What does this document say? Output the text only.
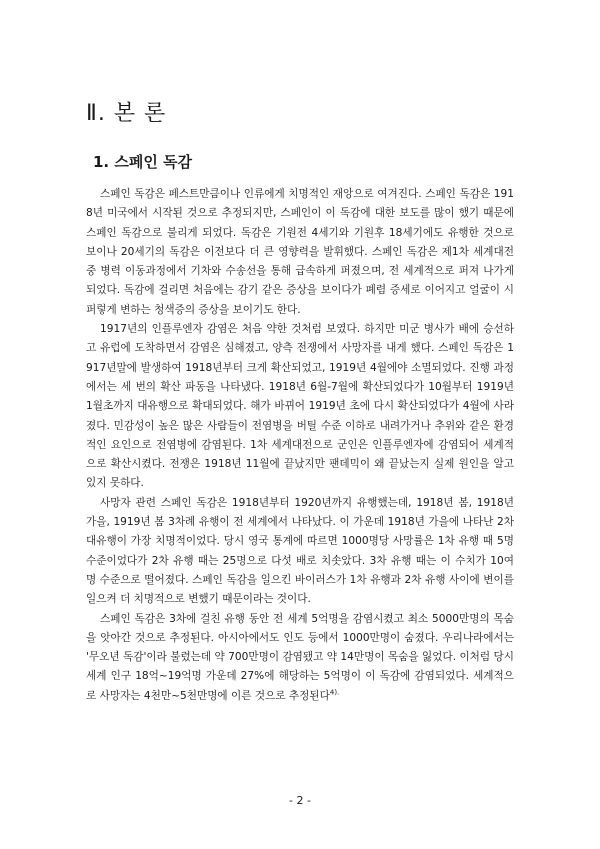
Ⅱ. 본 론
1. 스페인 독감

스페인 독감은 페스트만큼이나 인류에게 치명적인 재앙으로 여겨진다. 스페인 독감은 1918년 미국에서 시작된 것으로 추정되지만, 스페인이 이 독감에 대한 보도를 많이 했기 때문에 스페인 독감으로 불리게 되었다. 독감은 기원전 4세기와 기원후 18세기에도 유행한 것으로 보이나 20세기의 독감은 이전보다 더 큰 영향력을 발휘했다. 스페인 독감은 제1차 세계대전 중 병력 이동과정에서 기차와 수송선을 통해 급속하게 퍼졌으며, 전 세계적으로 퍼져 나가게 되었다. 독감에 걸리면 처음에는 감기 같은 증상을 보이다가 폐렴 증세로 이어지고 얼굴이 시퍼렇게 변하는 청색증의 증상을 보이기도 한다.

1917년의 인플루엔자 감염은 처음 약한 것처럼 보였다. 하지만 미군 병사가 배에 승선하고 유럽에 도착하면서 감염은 심해졌고, 양측 전쟁에서 사망자를 내게 했다. 스페인 독감은 1917년말에 발생하여 1918년부터 크게 확산되었고, 1919년 4월에야 소멸되었다. 진행 과정에서는 세 번의 확산 파동을 나타냈다. 1918년 6월-7월에 확산되었다가 10월부터 1919년 1월초까지 대유행으로 확대되었다. 해가 바뀌어 1919년 초에 다시 확산되었다가 4월에 사라졌다. 민감성이 높은 많은 사람들이 전염병을 버틸 수준 이하로 내려가거나 추위와 같은 환경적인 요인으로 전염병에 감염된다. 1차 세계대전으로 군인은 인플루엔자에 감염되어 세계적으로 확산시켰다. 전쟁은 1918년 11월에 끝났지만 팬데믹이 왜 끝났는지 실제 원인을 알고 있지 못하다.

사망자 관련 스페인 독감은 1918년부터 1920년까지 유행했는데, 1918년 봄, 1918년 가을, 1919년 봄 3차례 유행이 전 세계에서 나타났다. 이 가운데 1918년 가을에 나타난 2차 대유행이 가장 치명적이었다. 당시 영국 통계에 따르면 1000명당 사망률은 1차 유행 때 5명 수준이었다가 2차 유행 때는 25명으로 다섯 배로 치솟았다. 3차 유행 때는 이 수치가 10여 명 수준으로 떨어졌다. 스페인 독감을 일으킨 바이러스가 1차 유행과 2차 유행 사이에 변이를 일으켜 더 치명적으로 변했기 때문이라는 것이다.

스페인 독감은 3차에 걸친 유행 동안 전 세계 5억명을 감염시켰고 최소 5000만명의 목숨을 앗아간 것으로 추정된다. 아시아에서도 인도 등에서 1000만명이 숨졌다. 우리나라에서는 '무오년 독감'이라 불렸는데 약 700만명이 감염됐고 약 14만명이 목숨을 잃었다. 이처럼 당시 세계 인구 18억~19억명 가운데 27%에 해당하는 5억명이 이 독감에 감염되었다. 세계적으로 사망자는 4천만~5천만명에 이른 것으로 추정된다$^{4).}$

- 2 -
